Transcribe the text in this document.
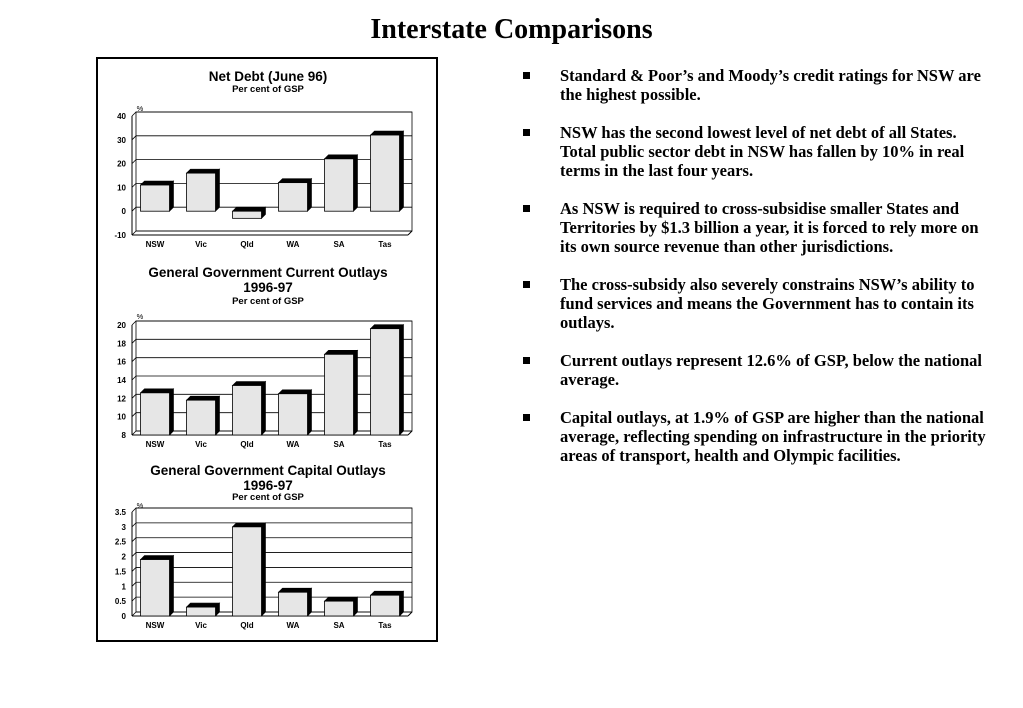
Interstate Comparisons
Net Debt (June 96)
Per cent of GSP
%
40
30
20
10
0
-10
NSW	Vic	Qld	WA	SA	Tas
General Government Current Outlays
1996-97
Per cent of GSP
%
20
18
16
14
12
10
8
NSW	Vic	Qld	WA	SA	Tas
General Government Capital Outlays
1996-97
Per cent of GSP
%
3.5
3
2.5
2
1.5
1
0.5
0
NSW	Vic	Qld	WA	SA	Tas
Standard & Poor’s and Moody’s credit ratings for NSW are the highest possible.
NSW has the second lowest level of net debt of all States. Total public sector debt in NSW has fallen by 10% in real terms in the last four years.
As NSW is required to cross-subsidise smaller States and Territories by $1.3 billion a year, it is forced to rely more on its own source revenue than other jurisdictions.
The cross-subsidy also severely constrains NSW’s ability to fund services and means the Government has to contain its outlays.
Current outlays represent 12.6% of GSP, below the national average.
Capital outlays, at 1.9% of GSP are higher than the national average, reflecting spending on infrastructure in the priority areas of transport, health and Olympic facilities.
